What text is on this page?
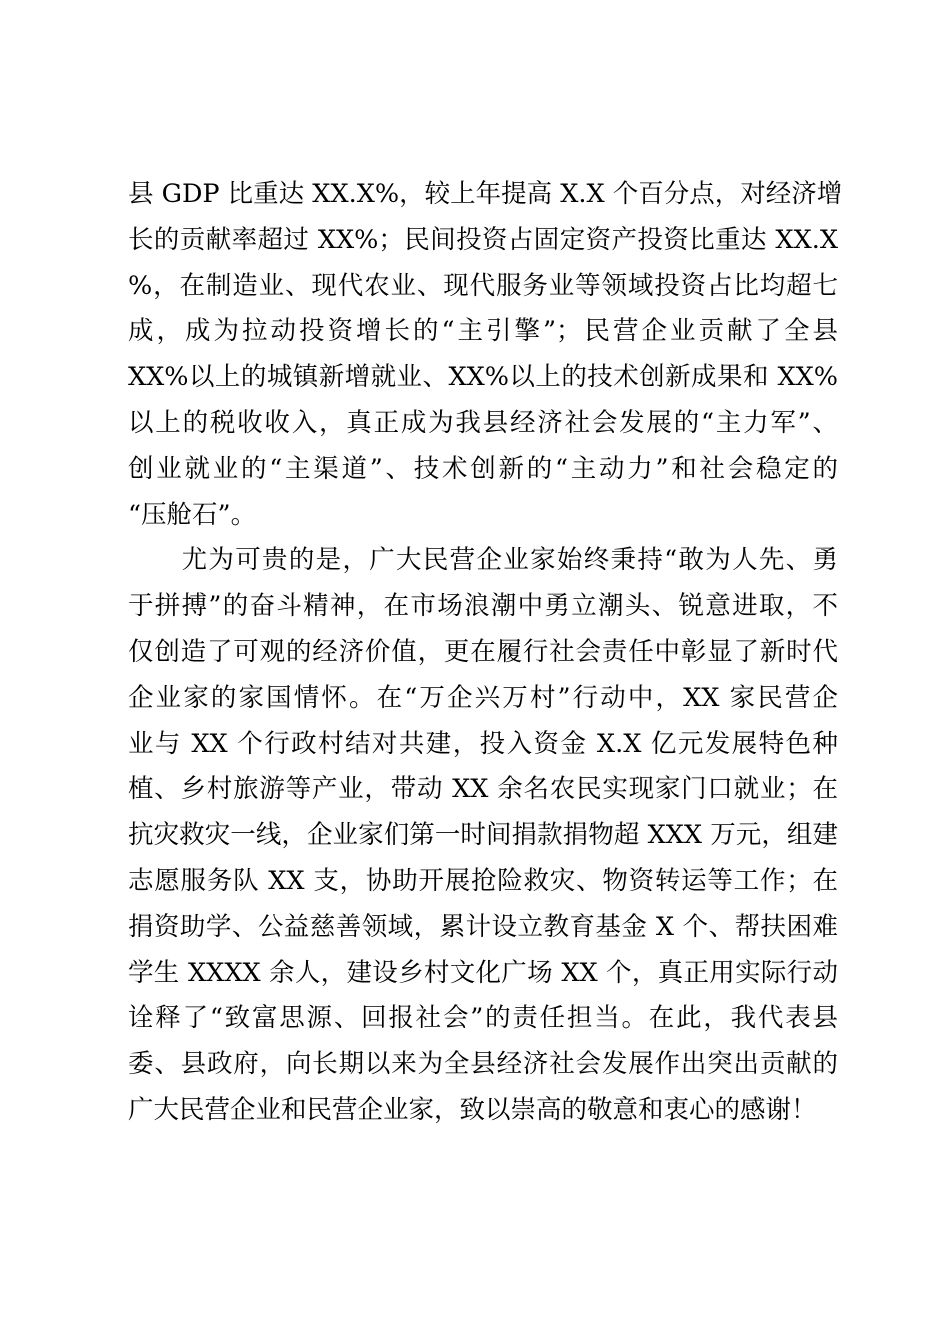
县 GDP 比重达 XX.X%，较上年提高 X.X 个百分点，对经济增
长的贡献率超过 XX%；民间投资占固定资产投资比重达 XX.X
%，在制造业、现代农业、现代服务业等领域投资占比均超七
成，成为拉动投资增长的“主引擎”；民营企业贡献了全县
XX%以上的城镇新增就业、XX%以上的技术创新成果和 XX%
以上的税收收入，真正成为我县经济社会发展的“主力军”、
创业就业的“主渠道”、技术创新的“主动力”和社会稳定的
“压舱石”。
　　尤为可贵的是，广大民营企业家始终秉持“敢为人先、勇
于拼搏”的奋斗精神，在市场浪潮中勇立潮头、锐意进取，不
仅创造了可观的经济价值，更在履行社会责任中彰显了新时代
企业家的家国情怀。在“万企兴万村”行动中，XX 家民营企
业与 XX 个行政村结对共建，投入资金 X.X 亿元发展特色种
植、乡村旅游等产业，带动 XX 余名农民实现家门口就业；在
抗灾救灾一线，企业家们第一时间捐款捐物超 XXX 万元，组建
志愿服务队 XX 支，协助开展抢险救灾、物资转运等工作；在
捐资助学、公益慈善领域，累计设立教育基金 X 个、帮扶困难
学生 XXXX 余人，建设乡村文化广场 XX 个，真正用实际行动
诠释了“致富思源、回报社会”的责任担当。在此，我代表县
委、县政府，向长期以来为全县经济社会发展作出突出贡献的
广大民营企业和民营企业家，致以崇高的敬意和衷心的感谢！
